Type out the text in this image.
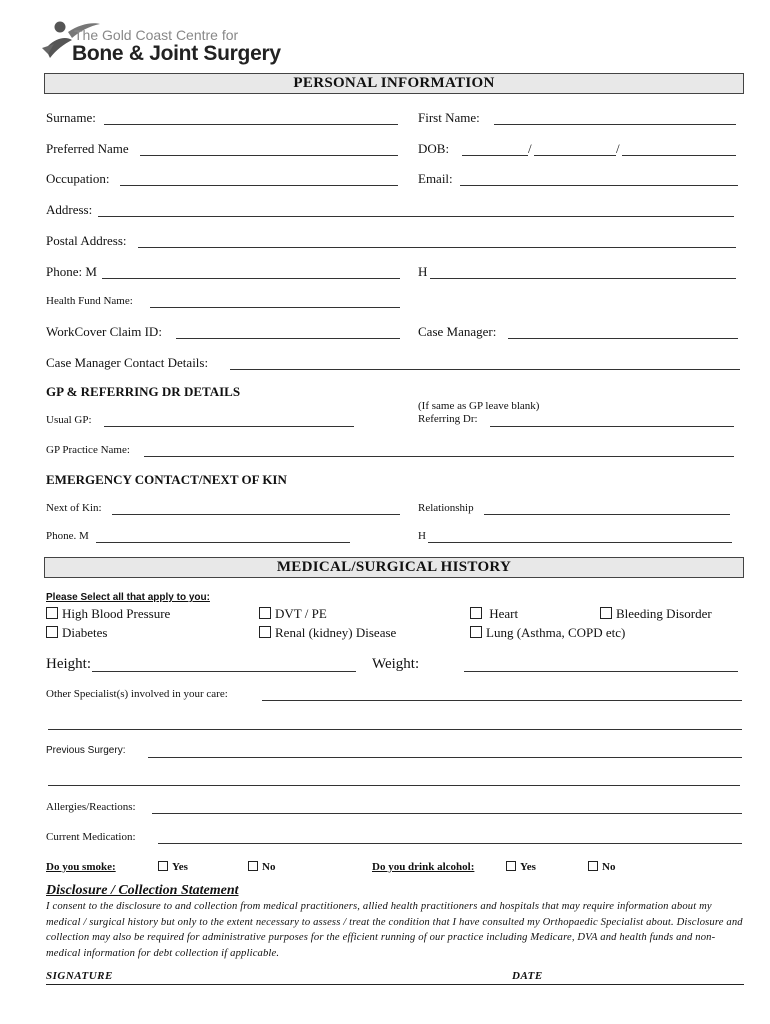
The Gold Coast Centre for
Bone & Joint Surgery
PERSONAL INFORMATION
Surname:	First Name:
Preferred Name	DOB:	/	/
Occupation:	Email:
Address:
Postal Address:
Phone: M	H
Health Fund Name:
WorkCover Claim ID:	Case Manager:
Case Manager Contact Details:
GP & REFERRING DR DETAILS
Usual GP:
(If same as GP leave blank)
Referring Dr:
GP Practice Name:
EMERGENCY CONTACT/NEXT OF KIN
Next of Kin:	Relationship
Phone. M	H
MEDICAL/SURGICAL HISTORY
Please Select all that apply to you:
High Blood Pressure	DVT / PE	Heart	Bleeding Disorder
Diabetes	Renal (kidney) Disease	Lung (Asthma, COPD etc)
Height:	Weight:
Other Specialist(s) involved in your care:
Previous Surgery:
Allergies/Reactions:
Current Medication:
Do you smoke:	Yes	No	Do you drink alcohol:	Yes	No
Disclosure / Collection Statement
I consent to the disclosure to and collection from medical practitioners, allied health practitioners and hospitals that may require information about my medical / surgical history but only to the extent necessary to assess / treat the condition that I have consulted my Orthopaedic Specialist about. Disclosure and collection may also be required for administrative purposes for the efficient running of our practice including Medicare, DVA and health funds and non-medical information for debt collection if applicable.
SIGNATURE	DATE
